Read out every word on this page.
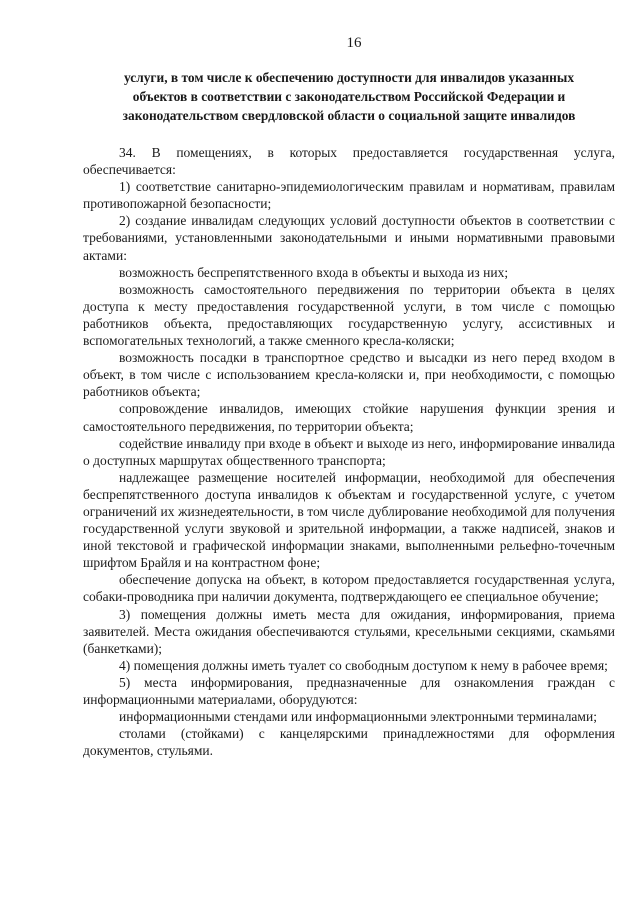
16
услуги, в том числе к обеспечению доступности для инвалидов указанных
объектов в соответствии с законодательством Российской Федерации и
законодательством свердловской области о социальной защите инвалидов

34. В помещениях, в которых предоставляется государственная услуга, обеспечивается:

1) соответствие санитарно-эпидемиологическим правилам и нормативам, правилам противопожарной безопасности;

2) создание инвалидам следующих условий доступности объектов в соответствии с требованиями, установленными законодательными и иными нормативными правовыми актами:

возможность беспрепятственного входа в объекты и выхода из них;

возможность самостоятельного передвижения по территории объекта в целях доступа к месту предоставления государственной услуги, в том числе с помощью работников объекта, предоставляющих государственную услугу, ассистивных и вспомогательных технологий, а также сменного кресла-коляски;

возможность посадки в транспортное средство и высадки из него перед входом в объект, в том числе с использованием кресла-коляски и, при необходимости, с помощью работников объекта;

сопровождение инвалидов, имеющих стойкие нарушения функции зрения и самостоятельного передвижения, по территории объекта;

содействие инвалиду при входе в объект и выходе из него, информирование инвалида о доступных маршрутах общественного транспорта;

надлежащее размещение носителей информации, необходимой для обеспечения беспрепятственного доступа инвалидов к объектам и государственной услуге, с учетом ограничений их жизнедеятельности, в том числе дублирование необходимой для получения государственной услуги звуковой и зрительной информации, а также надписей, знаков и иной текстовой и графической информации знаками, выполненными рельефно-точечным шрифтом Брайля и на контрастном фоне;

обеспечение допуска на объект, в котором предоставляется государственная услуга, собаки-проводника при наличии документа, подтверждающего ее специальное обучение;

3) помещения должны иметь места для ожидания, информирования, приема заявителей. Места ожидания обеспечиваются стульями, кресельными секциями, скамьями (банкетками);

4) помещения должны иметь туалет со свободным доступом к нему в рабочее время;

5) места информирования, предназначенные для ознакомления граждан с информационными материалами, оборудуются:

информационными стендами или информационными электронными терминалами;

столами (стойками) с канцелярскими принадлежностями для оформления документов, стульями.
